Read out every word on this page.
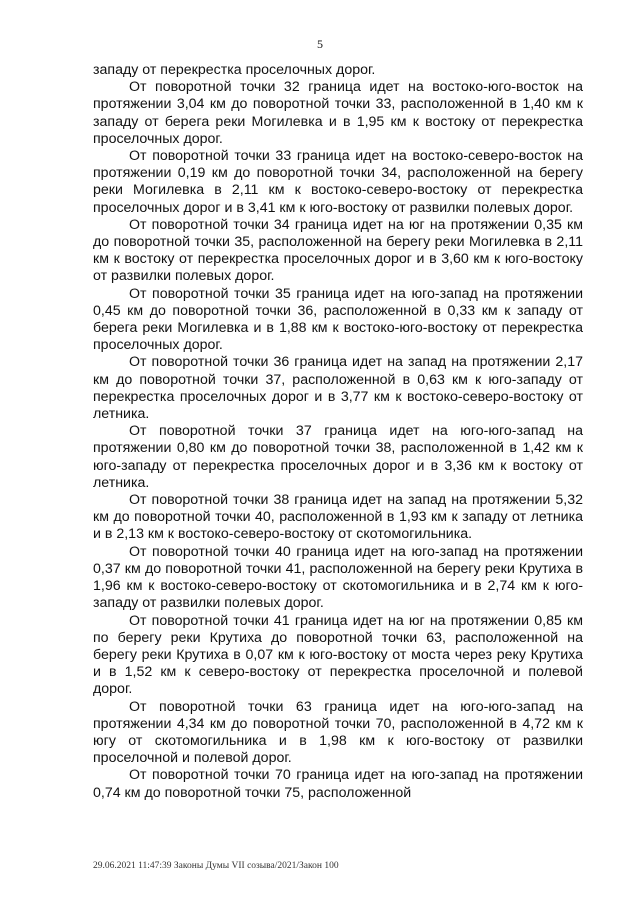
5

западу от перекрестка проселочных дорог.

От поворотной точки 32 граница идет на востоко-юго-восток на протяжении 3,04 км до поворотной точки 33, расположенной в 1,40 км к западу от берега реки Могилевка и в 1,95 км к востоку от перекрестка проселочных дорог.

От поворотной точки 33 граница идет на востоко-северо-восток на протяжении 0,19 км до поворотной точки 34, расположенной на берегу реки Могилевка в 2,11 км к востоко-северо-востоку от перекрестка проселочных дорог и в 3,41 км к юго-востоку от развилки полевых дорог.

От поворотной точки 34 граница идет на юг на протяжении 0,35 км до поворотной точки 35, расположенной на берегу реки Могилевка в 2,11 км к востоку от перекрестка проселочных дорог и в 3,60 км к юго-востоку от развилки полевых дорог.

От поворотной точки 35 граница идет на юго-запад на протяжении 0,45 км до поворотной точки 36, расположенной в 0,33 км к западу от берега реки Могилевка и в 1,88 км к востоко-юго-востоку от перекрестка проселочных дорог.

От поворотной точки 36 граница идет на запад на протяжении 2,17 км до поворотной точки 37, расположенной в 0,63 км к юго-западу от перекрестка проселочных дорог и в 3,77 км к востоко-северо-востоку от летника.

От поворотной точки 37 граница идет на юго-юго-запад на протяжении 0,80 км до поворотной точки 38, расположенной в 1,42 км к юго-западу от перекрестка проселочных дорог и в 3,36 км к востоку от летника.

От поворотной точки 38 граница идет на запад на протяжении 5,32 км до поворотной точки 40, расположенной в 1,93 км к западу от летника и в 2,13 км к востоко-северо-востоку от скотомогильника.

От поворотной точки 40 граница идет на юго-запад на протяжении 0,37 км до поворотной точки 41, расположенной на берегу реки Крутиха в 1,96 км к востоко-северо-востоку от скотомогильника и в 2,74 км к юго-западу от развилки полевых дорог.

От поворотной точки 41 граница идет на юг на протяжении 0,85 км по берегу реки Крутиха до поворотной точки 63, расположенной на берегу реки Крутиха в 0,07 км к юго-востоку от моста через реку Крутиха и в 1,52 км к северо-востоку от перекрестка проселочной и полевой дорог.

От поворотной точки 63 граница идет на юго-юго-запад на протяжении 4,34 км до поворотной точки 70, расположенной в 4,72 км к югу от скотомогильника и в 1,98 км к юго-востоку от развилки проселочной и полевой дорог.

От поворотной точки 70 граница идет на юго-запад на протяжении 0,74 км до поворотной точки 75, расположенной

29.06.2021 11:47:39 Законы Думы VII созыва/2021/Закон 100
